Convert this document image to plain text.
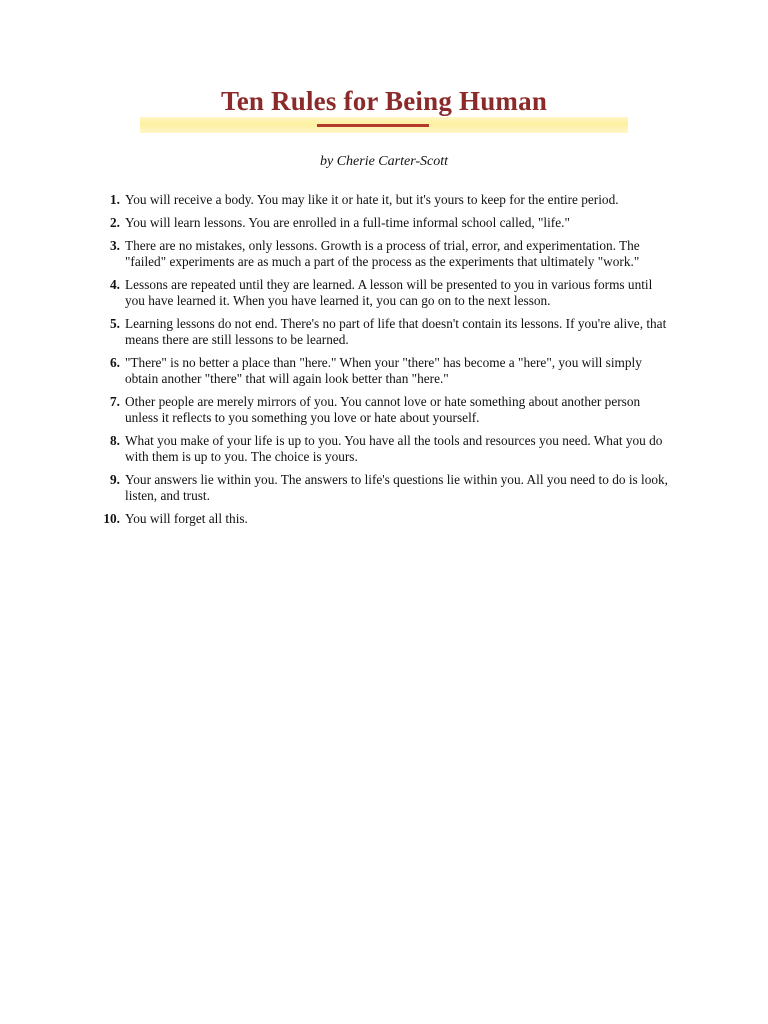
Ten Rules for Being Human
by Cherie Carter-Scott
1. You will receive a body. You may like it or hate it, but it's yours to keep for the entire period.
2. You will learn lessons. You are enrolled in a full-time informal school called, "life."
3. There are no mistakes, only lessons. Growth is a process of trial, error, and experimentation. The "failed" experiments are as much a part of the process as the experiments that ultimately "work."
4. Lessons are repeated until they are learned. A lesson will be presented to you in various forms until you have learned it. When you have learned it, you can go on to the next lesson.
5. Learning lessons do not end. There's no part of life that doesn't contain its lessons. If you're alive, that means there are still lessons to be learned.
6. "There" is no better a place than "here." When your "there" has become a "here", you will simply obtain another "there" that will again look better than "here."
7. Other people are merely mirrors of you. You cannot love or hate something about another person unless it reflects to you something you love or hate about yourself.
8. What you make of your life is up to you. You have all the tools and resources you need. What you do with them is up to you. The choice is yours.
9. Your answers lie within you. The answers to life's questions lie within you. All you need to do is look, listen, and trust.
10. You will forget all this.
